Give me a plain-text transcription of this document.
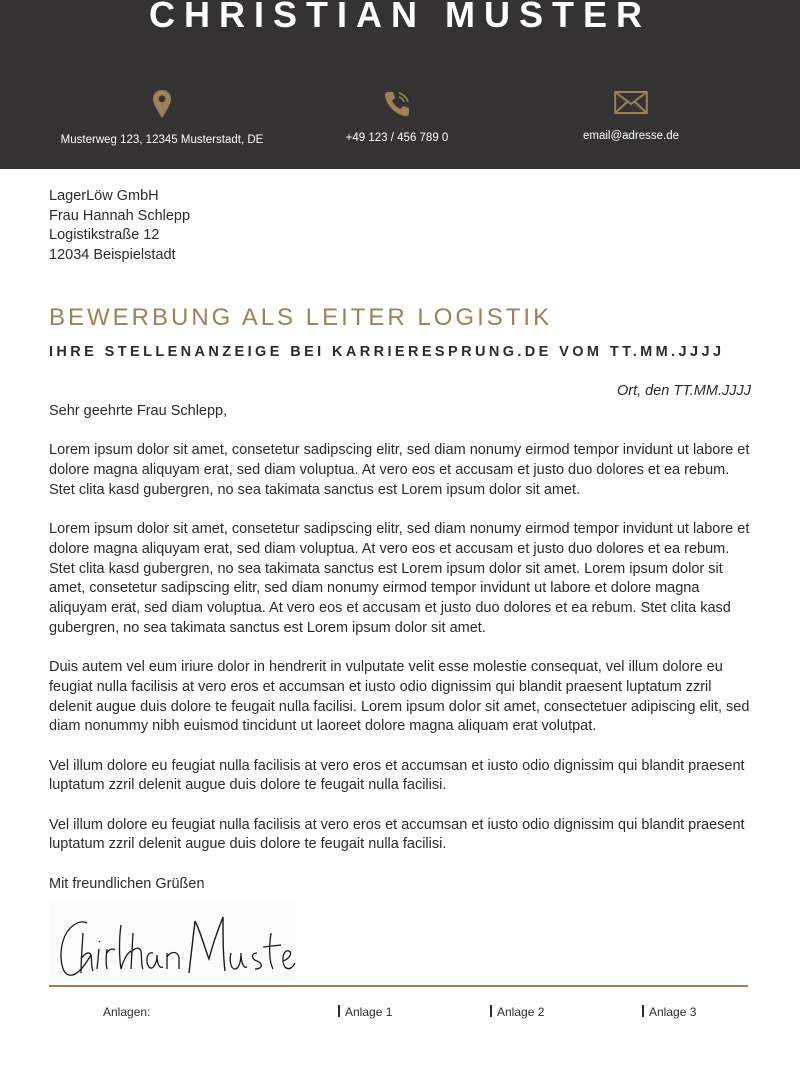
CHRISTIAN MUSTER
Musterweg 123, 12345 Musterstadt, DE	+49 123 / 456 789 0	email@adresse.de
LagerLöw GmbH
Frau Hannah Schlepp
Logistikstraße 12
12034 Beispielstadt
BEWERBUNG ALS LEITER LOGISTIK
IHRE STELLENANZEIGE BEI KARRIERESPRUNG.DE VOM TT.MM.JJJJ
Ort, den TT.MM.JJJJ

Sehr geehrte Frau Schlepp,

Lorem ipsum dolor sit amet, consetetur sadipscing elitr, sed diam nonumy eirmod tempor invidunt ut labore et dolore magna aliquyam erat, sed diam voluptua. At vero eos et accusam et justo duo dolores et ea rebum. Stet clita kasd gubergren, no sea takimata sanctus est Lorem ipsum dolor sit amet.

Lorem ipsum dolor sit amet, consetetur sadipscing elitr, sed diam nonumy eirmod tempor invidunt ut labore et dolore magna aliquyam erat, sed diam voluptua. At vero eos et accusam et justo duo dolores et ea rebum. Stet clita kasd gubergren, no sea takimata sanctus est Lorem ipsum dolor sit amet. Lorem ipsum dolor sit amet, consetetur sadipscing elitr, sed diam nonumy eirmod tempor invidunt ut labore et dolore magna aliquyam erat, sed diam voluptua. At vero eos et accusam et justo duo dolores et ea rebum. Stet clita kasd gubergren, no sea takimata sanctus est Lorem ipsum dolor sit amet.

Duis autem vel eum iriure dolor in hendrerit in vulputate velit esse molestie consequat, vel illum dolore eu feugiat nulla facilisis at vero eros et accumsan et iusto odio dignissim qui blandit praesent luptatum zzril delenit augue duis dolore te feugait nulla facilisi. Lorem ipsum dolor sit amet, consectetuer adipiscing elit, sed diam nonummy nibh euismod tincidunt ut laoreet dolore magna aliquam erat volutpat.

Vel illum dolore eu feugiat nulla facilisis at vero eros et accumsan et iusto odio dignissim qui blandit praesent luptatum zzril delenit augue duis dolore te feugait nulla facilisi.

Vel illum dolore eu feugiat nulla facilisis at vero eros et accumsan et iusto odio dignissim qui blandit praesent luptatum zzril delenit augue duis dolore te feugait nulla facilisi.

Mit freundlichen Grüßen
Anlagen:	Anlage 1	Anlage 2	Anlage 3
